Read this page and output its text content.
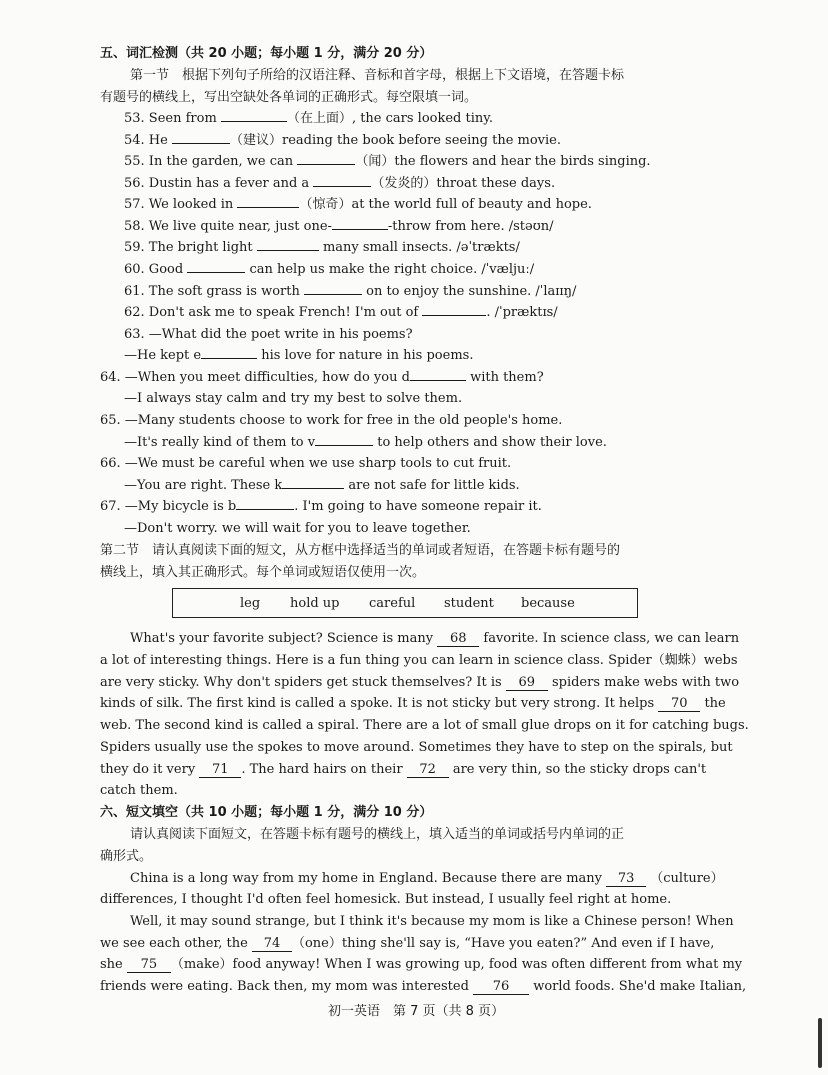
五、词汇检测（共 20 小题；每小题 1 分，满分 20 分）
第一节　根据下列句子所给的汉语注释、音标和首字母，根据上下文语境，在答题卡标
有题号的横线上，写出空缺处各单词的正确形式。每空限填一词。
53. Seen from	（在上面）, the cars looked tiny.
54. He	（建议）reading the book before seeing the movie.
55. In the garden, we can	（闻）the flowers and hear the birds singing.
56. Dustin has a fever and a	（发炎的）throat these days.
57. We looked in	（惊奇）at the world full of beauty and hope.
58. We live quite near, just one-	-throw from here. /stəʊn/
59. The bright light	many small insects. /əˈtrækts/
60. Good	can help us make the right choice. /ˈvæljuː/
61. The soft grass is worth	on to enjoy the sunshine. /ˈlaɪɪŋ/
62. Don't ask me to speak French! I'm out of	. /ˈpræktɪs/
63. —What did the poet write in his poems?
—He kept e	his love for nature in his poems.
64. —When you meet difficulties, how do you d	with them?
—I always stay calm and try my best to solve them.
65. —Many students choose to work for free in the old people's home.
—It's really kind of them to v	to help others and show their love.
66. —We must be careful when we use sharp tools to cut fruit.
—You are right. These k	are not safe for little kids.
67. —My bicycle is b	. I'm going to have someone repair it.
—Don't worry. we will wait for you to leave together.
第二节　请认真阅读下面的短文，从方框中选择适当的单词或者短语，在答题卡标有题号的
横线上，填入其正确形式。每个单词或短语仅使用一次。
leg hold up careful student because
What's your favorite subject? Science is many 68 favorite. In science class, we can learn
a lot of interesting things. Here is a fun thing you can learn in science class. Spider（蜘蛛）webs
are very sticky. Why don't spiders get stuck themselves? It is 69 spiders make webs with two
kinds of silk. The first kind is called a spoke. It is not sticky but very strong. It helps 70 the
web. The second kind is called a spiral. There are a lot of small glue drops on it for catching bugs.
Spiders usually use the spokes to move around. Sometimes they have to step on the spirals, but
they do it very 71 . The hard hairs on their 72 are very thin, so the sticky drops can't
catch them.
六、短文填空（共 10 小题；每小题 1 分，满分 10 分）
请认真阅读下面短文，在答题卡标有题号的横线上，填入适当的单词或括号内单词的正
确形式。
China is a long way from my home in England. Because there are many 73 （culture）
differences, I thought I'd often feel homesick. But instead, I usually feel right at home.
Well, it may sound strange, but I think it's because my mom is like a Chinese person! When
we see each other, the 74 （one）thing she'll say is, “Have you eaten?” And even if I have,
she 75 （make）food anyway! When I was growing up, food was often different from what my
friends were eating. Back then, my mom was interested 76 world foods. She'd make Italian,
初一英语　第 7 页（共 8 页）
